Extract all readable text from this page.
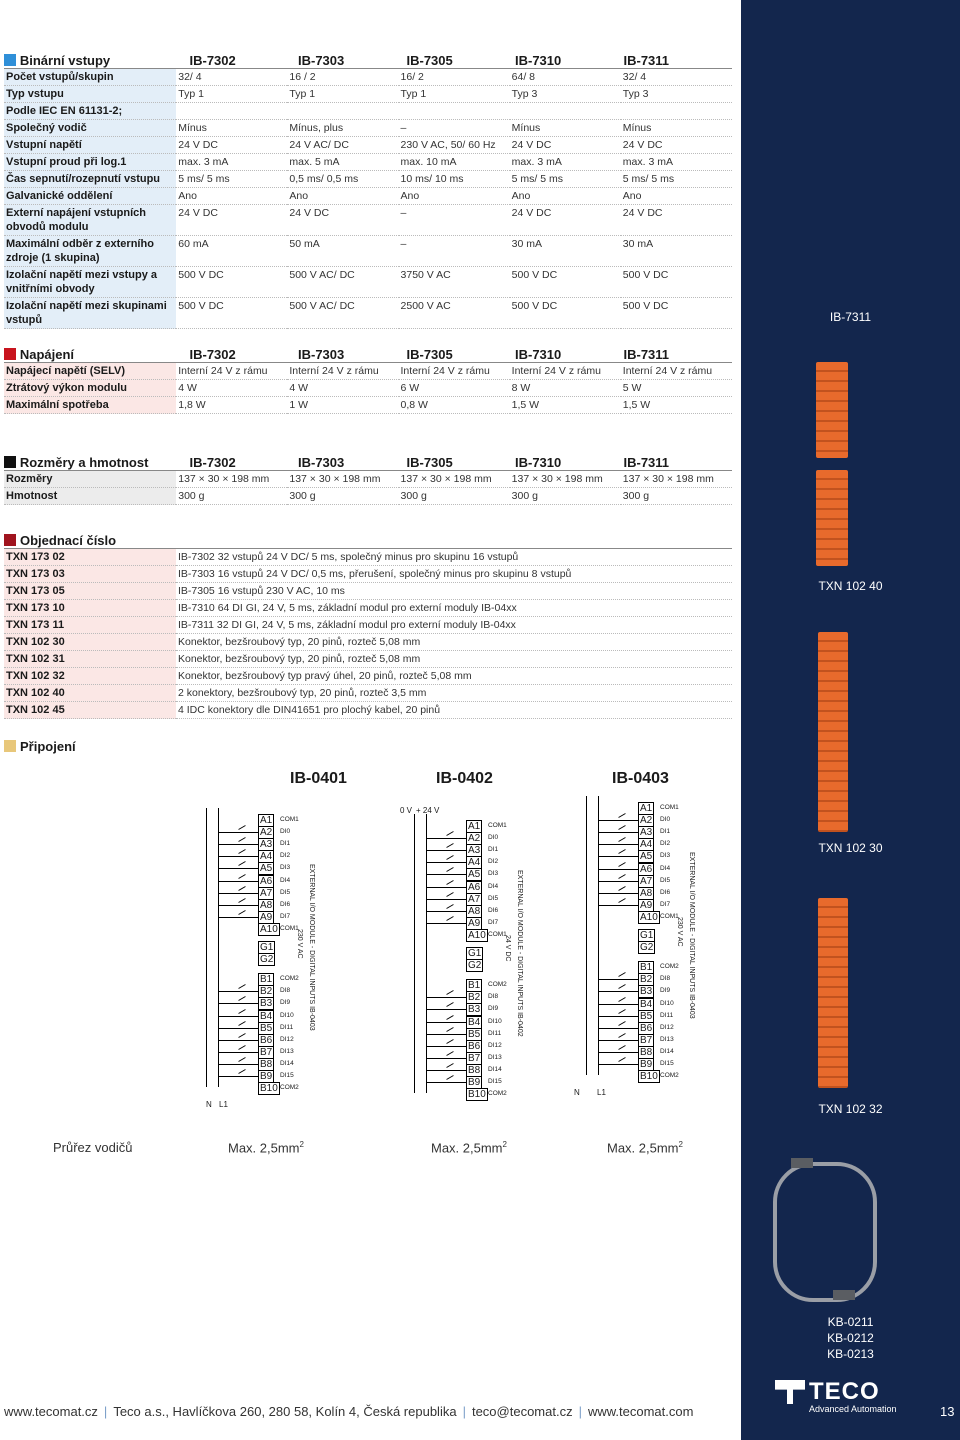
IB-7311
TXN 102 40
TXN 102 30
TXN 102 32
KB-0211
KB-0212
KB-0213
TECO
Advanced Automation	13
Binární vstupy	IB-7302	IB-7303	IB-7305	IB-7310	IB-7311
Počet vstupů/skupin	32/ 4	16 / 2	16/ 2	64/ 8	32/ 4
Typ vstupu	Typ 1	Typ 1	Typ 1	Typ 3	Typ 3
Podle IEC EN 61131-2;					
Společný vodič	Mínus	Mínus, plus	–	Mínus	Mínus
Vstupní napětí	24 V DC	24 V AC/ DC	230 V AC, 50/ 60 Hz	24 V DC	24 V DC
Vstupní proud při log.1	max. 3 mA	max. 5 mA	max. 10 mA	max. 3 mA	max. 3 mA
Čas sepnutí/rozepnutí vstupu	5 ms/ 5 ms	0,5 ms/ 0,5 ms	10 ms/ 10 ms	5 ms/ 5 ms	5 ms/ 5 ms
Galvanické oddělení	Ano	Ano	Ano	Ano	Ano
Externí napájení vstupních obvodů modulu	24 V DC	24 V DC	–	24 V DC	24 V DC
Maximální odběr z externího zdroje (1 skupina)	60 mA	50 mA	–	30 mA	30 mA
Izolační napětí mezi vstupy a vnitřními obvody	500 V DC	500 V AC/ DC	3750 V AC	500 V DC	500 V DC
Izolační napětí mezi skupinami vstupů	500 V DC	500 V AC/ DC	2500 V AC	500 V DC	500 V DC
Napájení	IB-7302	IB-7303	IB-7305	IB-7310	IB-7311
Napájecí napětí (SELV)	Interní 24 V z rámu	Interní 24 V z rámu	Interní 24 V z rámu	Interní 24 V z rámu	Interní 24 V z rámu
Ztrátový výkon modulu	4 W	4 W	6 W	8 W	5 W
Maximální spotřeba	1,8 W	1 W	0,8 W	1,5 W	1,5 W
Rozměry a hmotnost	IB-7302	IB-7303	IB-7305	IB-7310	IB-7311
Rozměry	137 × 30 × 198 mm	137 × 30 × 198 mm	137 × 30 × 198 mm	137 × 30 × 198 mm	137 × 30 × 198 mm
Hmotnost	300 g	300 g	300 g	300 g	300 g
Objednací číslo
TXN 173 02	IB-7302 32 vstupů 24 V DC/ 5 ms, společný minus pro skupinu 16 vstupů
TXN 173 03	IB-7303 16 vstupů 24 V DC/ 0,5 ms, přerušení, společný minus pro skupinu 8 vstupů
TXN 173 05	IB-7305 16 vstupů 230 V AC, 10 ms
TXN 173 10	IB-7310 64 DI GI, 24 V, 5 ms, základní modul pro externí moduly IB-04xx
TXN 173 11	IB-7311 32 DI GI, 24 V, 5 ms, základní modul pro externí moduly IB-04xx
TXN 102 30	Konektor, bezšroubový typ, 20 pinů, rozteč 5,08 mm
TXN 102 31	Konektor, bezšroubový typ, 20 pinů, rozteč 5,08 mm
TXN 102 32	Konektor, bezšroubový typ pravý úhel, 20 pinů, rozteč 5,08 mm
TXN 102 40	2 konektory, bezšroubový typ, 20 pinů, rozteč 3,5 mm
TXN 102 45	4 IDC konektory dle DIN41651 pro plochý kabel, 20 pinů
Připojení
IB-0401	IB-0402	IB-0403
A1	COM1
A2	DI0
A3	DI1
A4	DI2
A5	DI3
A6	DI4
A7	DI5
A8	DI6
A9	DI7
A10 COM1
G1
G2
B1	COM2
B2	DI8
B3	DI9
B4	DI10
B5	DI11
B6	DI12
B7	DI13
B8	DI14
B9	DI15
B10 COM2
EXTERNAL I/O MODULE - DIGITAL INPUTS IB-0403
230 V AC
N L1
A1	COM1
A2	DI0
A3	DI1
A4	DI2
A5	DI3
A6	DI4
A7	DI5
A8	DI6
A9	DI7
A10 COM1
G1
G2
B1	COM2
B2	DI8
B3	DI9
B4	DI10
B5	DI11
B6	DI12
B7	DI13
B8	DI14
B9	DI15
B10 COM2
EXTERNAL I/O MODULE - DIGITAL INPUTS IB-0402
24 V DC
0 V + 24 V	A1	COM1
A2	DI0
A3	DI1
A4	DI2
A5	DI3
A6	DI4
A7	DI5
A8	DI6
A9	DI7
A10 COM1
G1
G2
B1	COM2
B2	DI8
B3	DI9
B4	DI10
B5	DI11
B6	DI12
B7	DI13
B8	DI14
B9	DI15
B10 COM2
EXTERNAL I/O MODULE - DIGITAL INPUTS IB-0403
230 V AC
N L1
Průřez vodičů	Max. $2,5mm^2$	Max. $2,5mm^2$	Max. $2,5mm^2$
www.tecomat.cz | Teco a.s., Havlíčkova 260, 280 58, Kolín 4, Česká republika | teco@tecomat.cz | www.tecomat.com
